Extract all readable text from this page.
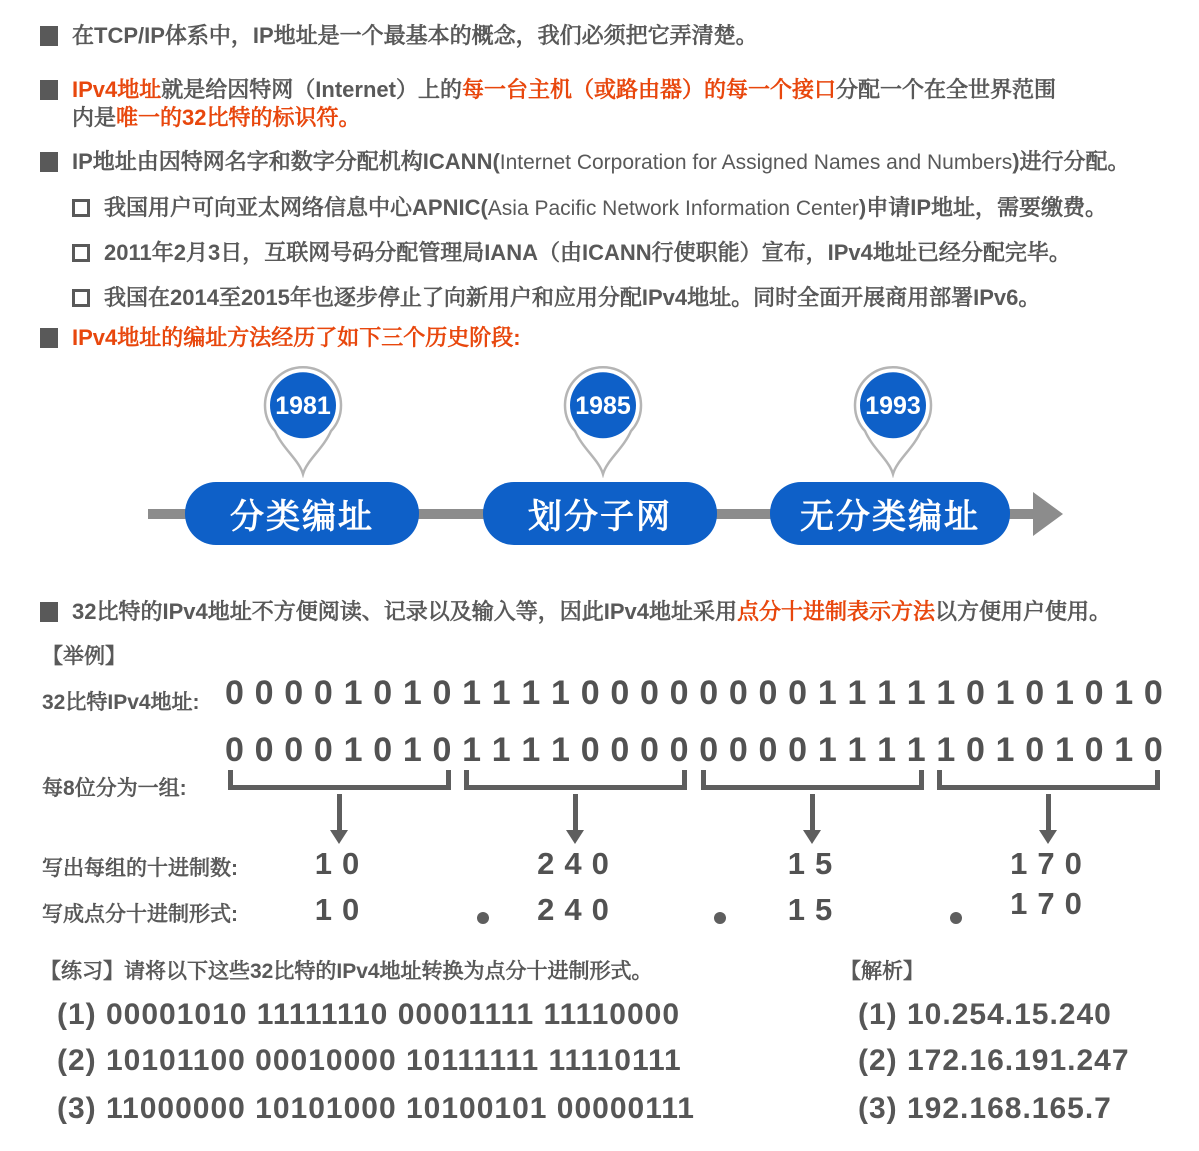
在TCP/IP体系中，IP地址是一个最基本的概念，我们必须把它弄清楚。
IPv4地址就是给因特网（Internet）上的每一台主机（或路由器）的每一个接口分配一个在全世界范围
内是唯一的32比特的标识符。
IP地址由因特网名字和数字分配机构ICANN(Internet Corporation for Assigned Names and Numbers)进行分配。
我国用户可向亚太网络信息中心APNIC(Asia Pacific Network Information Center)申请IP地址，需要缴费。
2011年2月3日，互联网号码分配管理局IANA（由ICANN行使职能）宣布，IPv4地址已经分配完毕。
我国在2014至2015年也逐步停止了向新用户和应用分配IPv4地址。同时全面开展商用部署IPv6。
IPv4地址的编址方法经历了如下三个历史阶段:
1981	1985	1993
分类编址	划分子网	无分类编址
32比特的IPv4地址不方便阅读、记录以及输入等，因此IPv4地址采用点分十进制表示方法以方便用户使用。
【举例】
32比特IPv4地址: 0 0 0 0 1 0 1 0 1 1 1 1 0 0 0 0 0 0 0 0 1 1 1 1 1 0 1 0 1 0 1 0
0 0 0 0 1 0 1 0 1 1 1 1 0 0 0 0 0 0 0 0 1 1 1 1 1 0 1 0 1 0 1 0
每8位分为一组:
写出每组的十进制数:	10	240	15	170
写成点分十进制形式:	10	240	15	170
【练习】请将以下这些32比特的IPv4地址转换为点分十进制形式。	【解析】
(1) 00001010 11111110 00001111 11110000	(1) 10.254.15.240
(2) 10101100 00010000 10111111 11110111	(2) 172.16.191.247
(3) 11000000 10101000 10100101 00000111	(3) 192.168.165.7
